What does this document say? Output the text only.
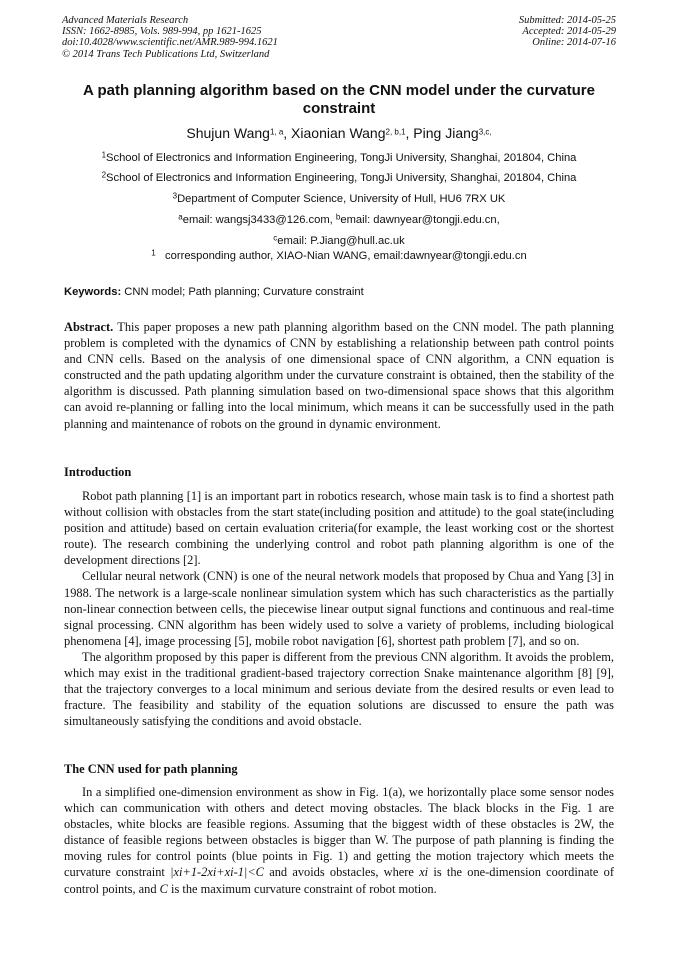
Advanced Materials Research
ISSN: 1662-8985, Vols. 989-994, pp 1621-1625
doi:10.4028/www.scientific.net/AMR.989-994.1621
© 2014 Trans Tech Publications Ltd, Switzerland
Submitted: 2014-05-25
Accepted: 2014-05-29
Online: 2014-07-16
A path planning algorithm based on the CNN model under the curvature
constraint
Shujun Wang$^{1, a}$, Xiaonian Wang$^{2, b,1}$, Ping Jiang$^{3,c,}$
$^1$School of Electronics and Information Engineering, TongJi University, Shanghai, 201804, China
$^2$School of Electronics and Information Engineering, TongJi University, Shanghai, 201804, China
$^3$Department of Computer Science, University of Hull, HU6 7RX UK
$^a$email: wangsj3433@126.com, $^b$email: dawnyear@tongji.edu.cn,
$^c$email: P.Jiang@hull.ac.uk
$^1$ corresponding author, XIAO-Nian WANG, email:dawnyear@tongji.edu.cn
Keywords: CNN model; Path planning; Curvature constraint

Abstract. This paper proposes a new path planning algorithm based on the CNN model. The path planning problem is completed with the dynamics of CNN by establishing a relationship between path control points and CNN cells. Based on the analysis of one dimensional space of CNN algorithm, a CNN equation is constructed and the path updating algorithm under the curvature constraint is obtained, then the stability of the algorithm is discussed. Path planning simulation based on two-dimensional space shows that this algorithm can avoid re-planning or falling into the local minimum, which means it can be successfully used in the path planning and maintenance of robots on the ground in dynamic environment.

Introduction

Robot path planning [1] is an important part in robotics research, whose main task is to find a shortest path without collision with obstacles from the start state(including position and attitude) to the goal state(including position and attitude) based on certain evaluation criteria(for example, the least working cost or the shortest route). The research combining the underlying control and robot path planning algorithm is one of the development directions [2].

Cellular neural network (CNN) is one of the neural network models that proposed by Chua and Yang [3] in 1988. The network is a large-scale nonlinear simulation system which has such characteristics as the partially non-linear connection between cells, the piecewise linear output signal functions and continuous and real-time signal processing. CNN algorithm has been widely used to solve a variety of problems, including biological phenomena [4], image processing [5], mobile robot navigation [6], shortest path problem [7], and so on.

The algorithm proposed by this paper is different from the previous CNN algorithm. It avoids the problem, which may exist in the traditional gradient-based trajectory correction Snake maintenance algorithm [8] [9], that the trajectory converges to a local minimum and serious deviate from the desired results or even lead to fracture. The feasibility and stability of the equation solutions are discussed to ensure the path was simultaneously satisfying the conditions and avoid obstacle.

The CNN used for path planning

In a simplified one-dimension environment as show in Fig. 1(a), we horizontally place some sensor nodes which can communication with others and detect moving obstacles. The black blocks in the Fig. 1 are obstacles, white blocks are feasible regions. Assuming that the biggest width of these obstacles is 2W, the distance of feasible regions between obstacles is bigger than W. The purpose of path planning is finding the moving rules for control points (blue points in Fig. 1) and getting the motion trajectory which meets the curvature constraint |xi+1-2xi+xi-1|<C and avoids obstacles, where xi is the one-dimension coordinate of control points, and C is the maximum curvature constraint of robot motion.
